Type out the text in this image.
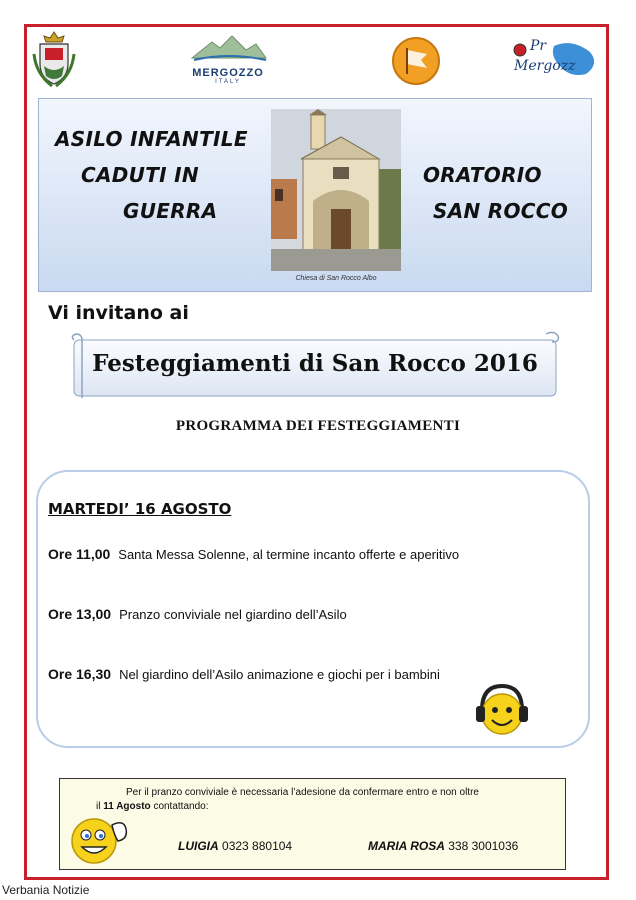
MERGOZZO
ITALY
Pr
Mergozz
ASILO INFANTILE
CADUTI IN
GUERRA
ORATORIO
SAN ROCCO
Chiesa di San Rocco Albo
Vi invitano ai
Festeggiamenti di San Rocco 2016
PROGRAMMA DEI FESTEGGIAMENTI
MARTEDI’ 16 AGOSTO
Ore 11,00 Santa Messa Solenne, al termine incanto offerte e aperitivo
Ore 13,00 Pranzo conviviale nel giardino dell’Asilo
Ore 16,30 Nel giardino dell’Asilo animazione e giochi per i bambini
Per il pranzo conviviale è necessaria l’adesione da confermare entro e non oltre
il 11 Agosto contattando:
LUIGIA 0323 880104	MARIA ROSA 338 3001036
Verbania Notizie
